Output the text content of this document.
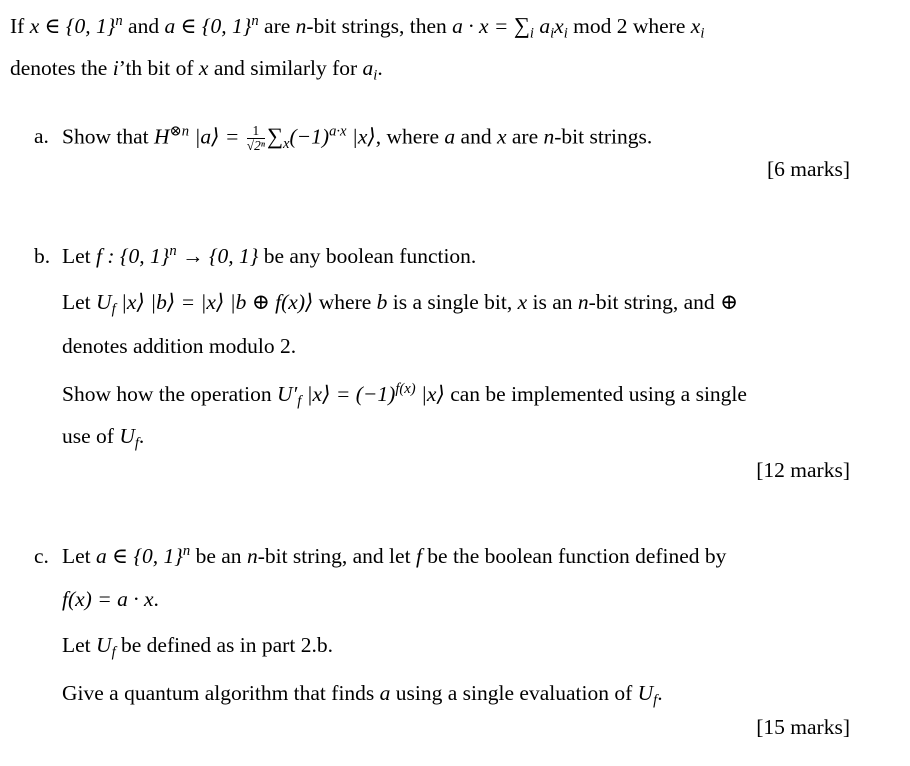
If x ∈ {0, 1}$^n$ and a ∈ {0, 1}$^n$ are n-bit strings, then $a \cdot x = \sum_i$ $a_ix_i$ mod 2 where $x_i$
denotes the i’th bit of x and similarly for $a_i$.
a. Show that $H^{\otimes n}$ |a⟩ = $\frac{1}{\text{√2ⁿ}} \sum_x(-1)^{a\cdot x}$ |x⟩, where a and x are n-bit strings.
[6 marks]
b. Let f : {0, 1}$^n$ → {0, 1} be any boolean function.
Let $U_f$ |x⟩ |b⟩ = |x⟩ |b ⊕ f(x)⟩ where b is a single bit, x is an n-bit string, and ⊕
denotes addition modulo 2.
Show how the operation $U'_f$ |x⟩ = $(-1)^{f(x)}$ |x⟩ can be implemented using a single
use of $U_f$.
[12 marks]
c. Let a ∈ {0, 1}$^n$ be an n-bit string, and let f be the boolean function defined by
f(x) = a · x.
Let $U_f$ be defined as in part 2.b.
Give a quantum algorithm that finds a using a single evaluation of $U_f$.
[15 marks]
